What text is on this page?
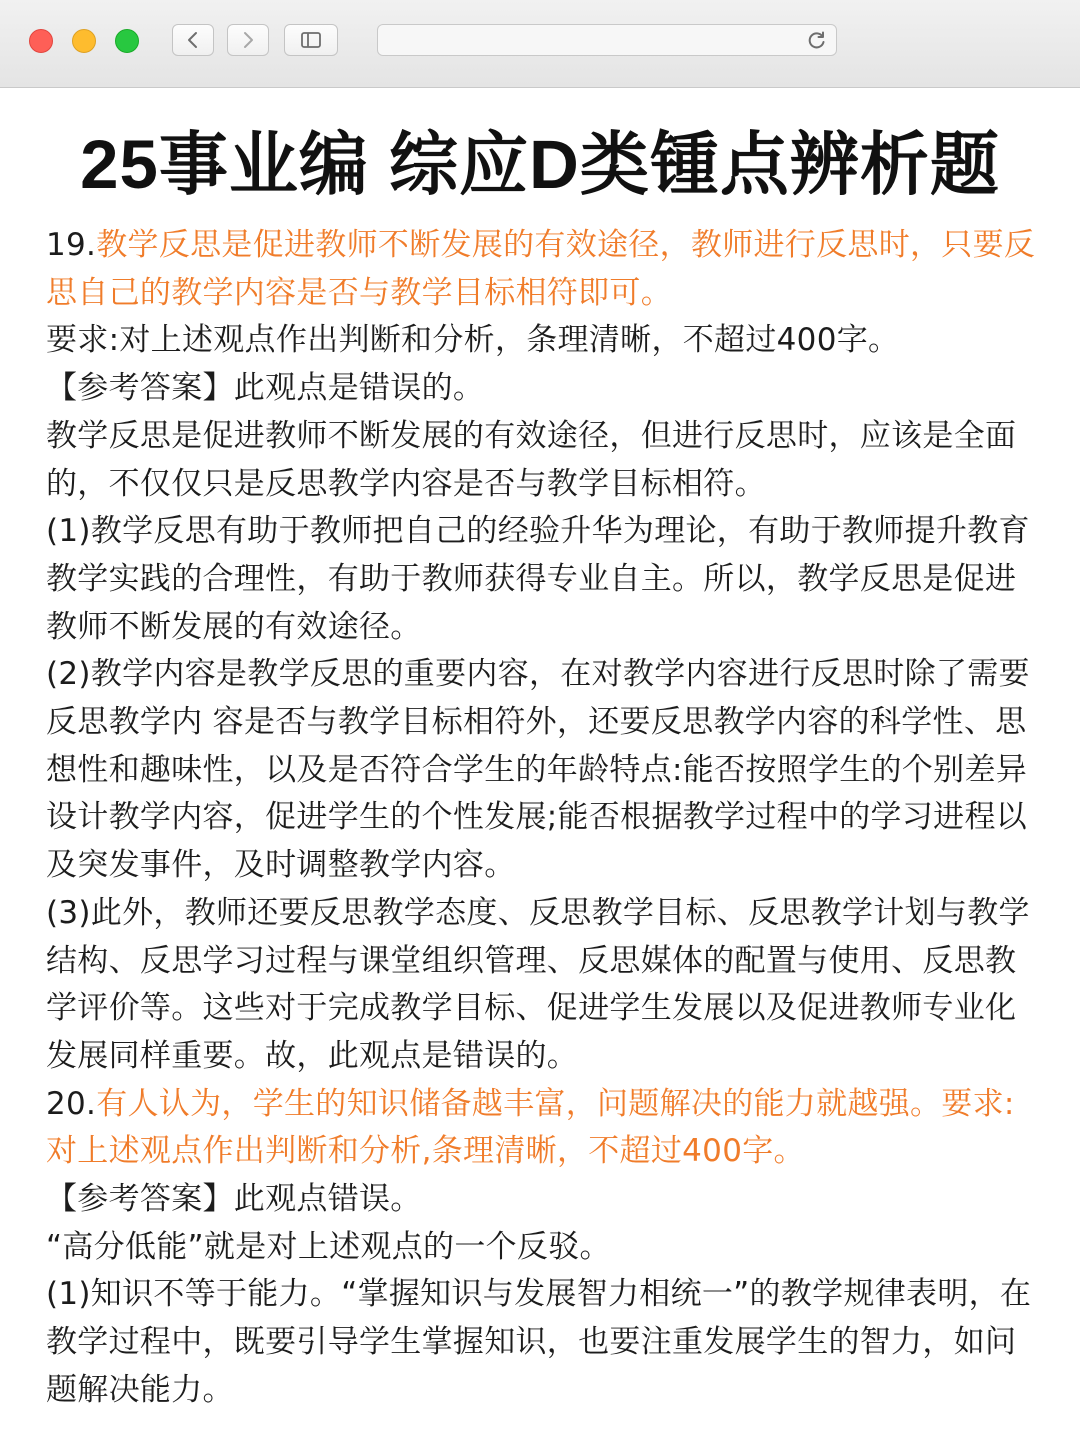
25事业编 综应D类锺点辨析题

19.教学反思是促进教师不断发展的有效途径，教师进行反思时，只要反思自己的教学内容是否与教学目标相符即可。

要求:对上述观点作出判断和分析，条理清晰，不超过400字。

【参考答案】此观点是错误的。

教学反思是促进教师不断发展的有效途径，但进行反思时，应该是全面的，不仅仅只是反思教学内容是否与教学目标相符。

(1)教学反思有助于教师把自己的经验升华为理论，有助于教师提升教育教学实践的合理性，有助于教师获得专业自主。所以，教学反思是促进教师不断发展的有效途径。

(2)教学内容是教学反思的重要内容，在对教学内容进行反思时除了需要反思教学内 容是否与教学目标相符外，还要反思教学内容的科学性、思想性和趣味性，以及是否符合学生的年龄特点:能否按照学生的个别差异设计教学内容，促进学生的个性发展;能否根据教学过程中的学习进程以及突发事件，及时调整教学内容。

(3)此外，教师还要反思教学态度、反思教学目标、反思教学计划与教学结构、反思学习过程与课堂组织管理、反思媒体的配置与使用、反思教学评价等。这些对于完成教学目标、促进学生发展以及促进教师专业化发展同样重要。故，此观点是错误的。

20.有人认为，学生的知识储备越丰富，问题解决的能力就越强。要求:对上述观点作出判断和分析,条理清晰，不超过400字。

【参考答案】此观点错误。

“高分低能”就是对上述观点的一个反驳。

(1)知识不等于能力。“掌握知识与发展智力相统一”的教学规律表明，在教学过程中，既要引导学生掌握知识，也要注重发展学生的智力，如问题解决能力。
